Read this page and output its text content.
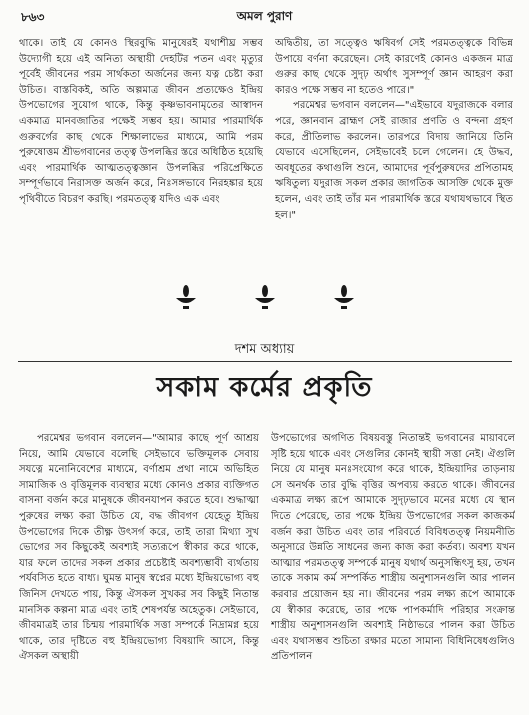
৮৬৩	অমল পুরাণ

থাকে। তাই যে কোনও স্থিরবুদ্ধি মানুষেরই যথাশীঘ্র সম্ভব উদ্যোগী হয়ে এই অনিত্য অস্থায়ী দেহটির পতন এবং মৃত্যুর পূর্বেই জীবনের পরম সার্থকতা অর্জনের জন্য যত্ন চেষ্টা করা উচিত। বাস্তবিকই, অতি অল্পমাত্র জীবন প্রত্যক্ষেও ইন্দ্রিয় উপভোগের সুযোগ থাকে, কিন্তু কৃষ্ণভাবনামৃতের আস্বাদন একমাত্র মানবজাতির পক্ষেই সম্ভব হয়। আমার পারমার্থিক গুরুবর্গের কাছ থেকে শিক্ষালাভের মাধ্যমে, আমি পরম পুরুষোত্তম শ্রীভগবানের তত্ত্ব উপলব্ধির স্তরে অধিষ্ঠিত হয়েছি এবং পারমার্থিক আত্মতত্ত্বজ্ঞান উপলব্ধির পরিপ্রেক্ষিতে সম্পূর্ণভাবে নিরাসক্ত অর্জন করে, নিঃসঙ্গভাবে নিরহঙ্কার হয়ে পৃথিবীতে বিচরণ করছি। পরমতত্ত্ব যদিও এক এবং

অদ্বিতীয়, তা সত্ত্বেও ঋষিবর্গ সেই পরমতত্ত্বকে বিভিন্ন উপায়ে বর্ণনা করেছেন। সেই কারণেই কোনও একজন মাত্র গুরুর কাছ থেকে সুদৃঢ় অর্থাৎ সুসম্পূর্ণ জ্ঞান আহরণ করা কারও পক্ষে সম্ভব না হতেও পারে।"

পরমেশ্বর ভগবান বললেন—"এইভাবে যদুরাজকে বলার পরে, জ্ঞানবান ব্রাহ্মণ সেই রাজার প্রণতি ও বন্দনা গ্রহণ করে, প্রীতিলাভ করলেন। তারপরে বিদায় জানিয়ে তিনি যেভাবে এসেছিলেন, সেইভাবেই চলে গেলেন। হে উদ্ধব, অবধূতের কথাগুলি শুনে, আমাদের পূর্বপুরুষদের প্রপিতামহ ঋষিতুল্য যদুরাজ সকল প্রকার জাগতিক আসক্তি থেকে মুক্ত হলেন, এবং তাই তাঁর মন পারমার্থিক স্তরে যথাযথভাবে স্থিত হল।"

দশম অধ্যায়
সকাম কর্মের প্রকৃতি

পরমেশ্বর ভগবান বললেন—"আমার কাছে পূর্ণ আশ্রয় নিয়ে, আমি যেভাবে বলেছি সেইভাবে ভক্তিমূলক সেবায় সযত্নে মনোনিবেশের মাধ্যমে, বর্ণাশ্রম প্রথা নামে অভিহিত সামাজিক ও বৃত্তিমূলক ব্যবস্থার মধ্যে কোনও প্রকার ব্যক্তিগত বাসনা বর্জন করে মানুষকে জীবনযাপন করতে হবে। শুদ্ধাত্মা পুরুষের লক্ষ্য করা উচিত যে, বদ্ধ জীবগণ যেহেতু ইন্দ্রিয় উপভোগের দিকে তীক্ষ্ণ উৎসর্গ করে, তাই তারা মিথ্যা সুখ ভোগের সব কিছুকেই অবশ্যই সত্যরূপে স্বীকার করে থাকে, যার ফলে তাদের সকল প্রকার প্রচেষ্টাই অবশ্যম্ভাবী ব্যর্থতায় পর্যবসিত হতে বাধ্য। ঘুমন্ত মানুষ স্বপ্নের মধ্যে ইন্দ্রিয়ভোগ্য বহু জিনিস দেখতে পায়, কিন্তু ঐসকল সুখকর সব কিছুই নিতান্ত মানসিক কল্পনা মাত্র এবং তাই শেষপর্যন্ত অহেতুক। সেইভাবে, জীবমাত্রই তার চিন্ময় পারমার্থিক সত্তা সম্পর্কে নিদ্রামগ্ন হয়ে থাকে, তার দৃষ্টিতে বহু ইন্দ্রিয়ভোগ্য বিষয়াদি আসে, কিন্তু ঐসকল অস্থায়ী

উপভোগের অগণিত বিষয়বস্তু নিতান্তই ভগবানের মায়াবলে সৃষ্টি হয়ে থাকে এবং সেগুলির কোনই স্থায়ী সত্তা নেই। ঐগুলি নিয়ে যে মানুষ মনঃসংযোগ করে থাকে, ইন্দ্রিয়াদির তাড়নায় সে অনর্থক তার বুদ্ধি বৃত্তির অপব্যয় করতে থাকে। জীবনের একমাত্র লক্ষ্য রূপে আমাকে সুদৃঢ়ভাবে মনের মধ্যে যে স্থান দিতে পেরেছে, তার পক্ষে ইন্দ্রিয় উপভোগের সকল কাজকর্ম বর্জন করা উচিত এবং তার পরিবর্তে বিবিধতত্ত্ব নিয়মনীতি অনুসারে উন্নতি সাধনের জন্য কাজ করা কর্তব্য। অবশ্য যখন আত্মার পরমতত্ত্ব সম্পর্কে মানুষ যথার্থ অনুসন্ধিৎসু হয়, তখন তাকে সকাম কর্ম সম্পর্কিত শাস্ত্রীয় অনুশাসনগুলি আর পালন করবার প্রয়োজন হয় না। জীবনের পরম লক্ষ্য রূপে আমাকে যে স্বীকার করেছে, তার পক্ষে পাপকর্মাদি পরিহার সংক্রান্ত শাস্ত্রীয় অনুশাসনগুলি অবশ্যই নিষ্ঠাভরে পালন করা উচিত এবং যথাসম্ভব শুচিতা রক্ষার মতো সামান্য বিধিনিষেধগুলিও প্রতিপালন
